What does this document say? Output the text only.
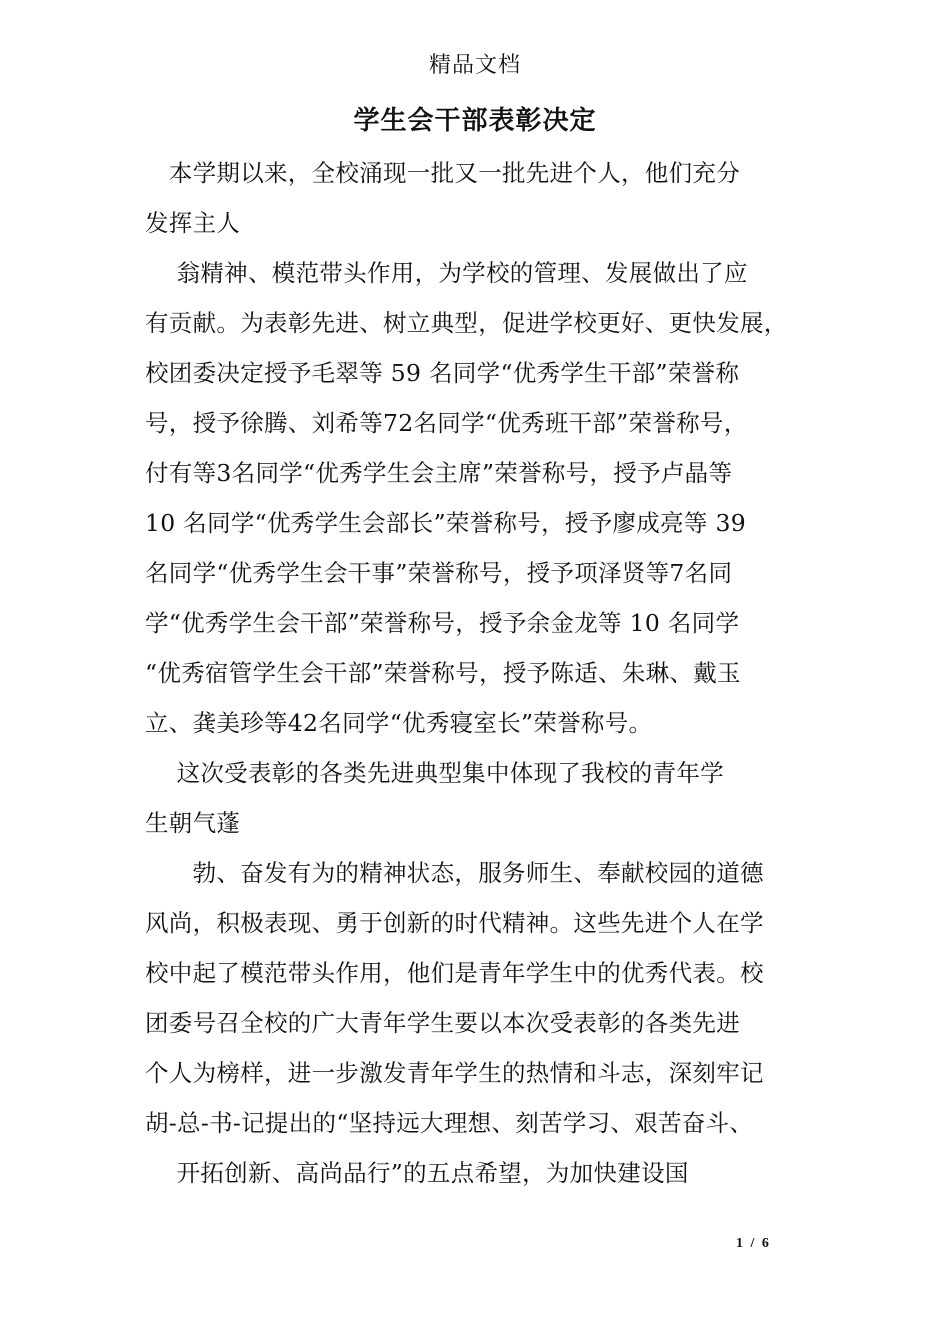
精品文档
学生会干部表彰决定
　本学期以来，全校涌现一批又一批先进个人，他们充分
发挥主人
　 翁精神、模范带头作用，为学校的管理、发展做出了应
有贡献。为表彰先进、树立典型，促进学校更好、更快发展，
校团委决定授予毛翠等 59 名同学“优秀学生干部”荣誉称
号，授予徐腾、刘希等72名同学“优秀班干部”荣誉称号，
付有等3名同学“优秀学生会主席”荣誉称号，授予卢晶等
10 名同学“优秀学生会部长”荣誉称号，授予廖成亮等 39
名同学“优秀学生会干事”荣誉称号，授予项泽贤等7名同
学“优秀学生会干部”荣誉称号，授予余金龙等 10 名同学
“优秀宿管学生会干部”荣誉称号，授予陈适、朱琳、戴玉
立、龚美珍等42名同学“优秀寝室长”荣誉称号。
　 这次受表彰的各类先进典型集中体现了我校的青年学
生朝气蓬
　　勃、奋发有为的精神状态，服务师生、奉献校园的道德
风尚，积极表现、勇于创新的时代精神。这些先进个人在学
校中起了模范带头作用，他们是青年学生中的优秀代表。校
团委号召全校的广大青年学生要以本次受表彰的各类先进
个人为榜样，进一步激发青年学生的热情和斗志，深刻牢记
胡-总-书-记提出的“坚持远大理想、刻苦学习、艰苦奋斗、
　 开拓创新、高尚品行”的五点希望，为加快建设国
1 / 6
